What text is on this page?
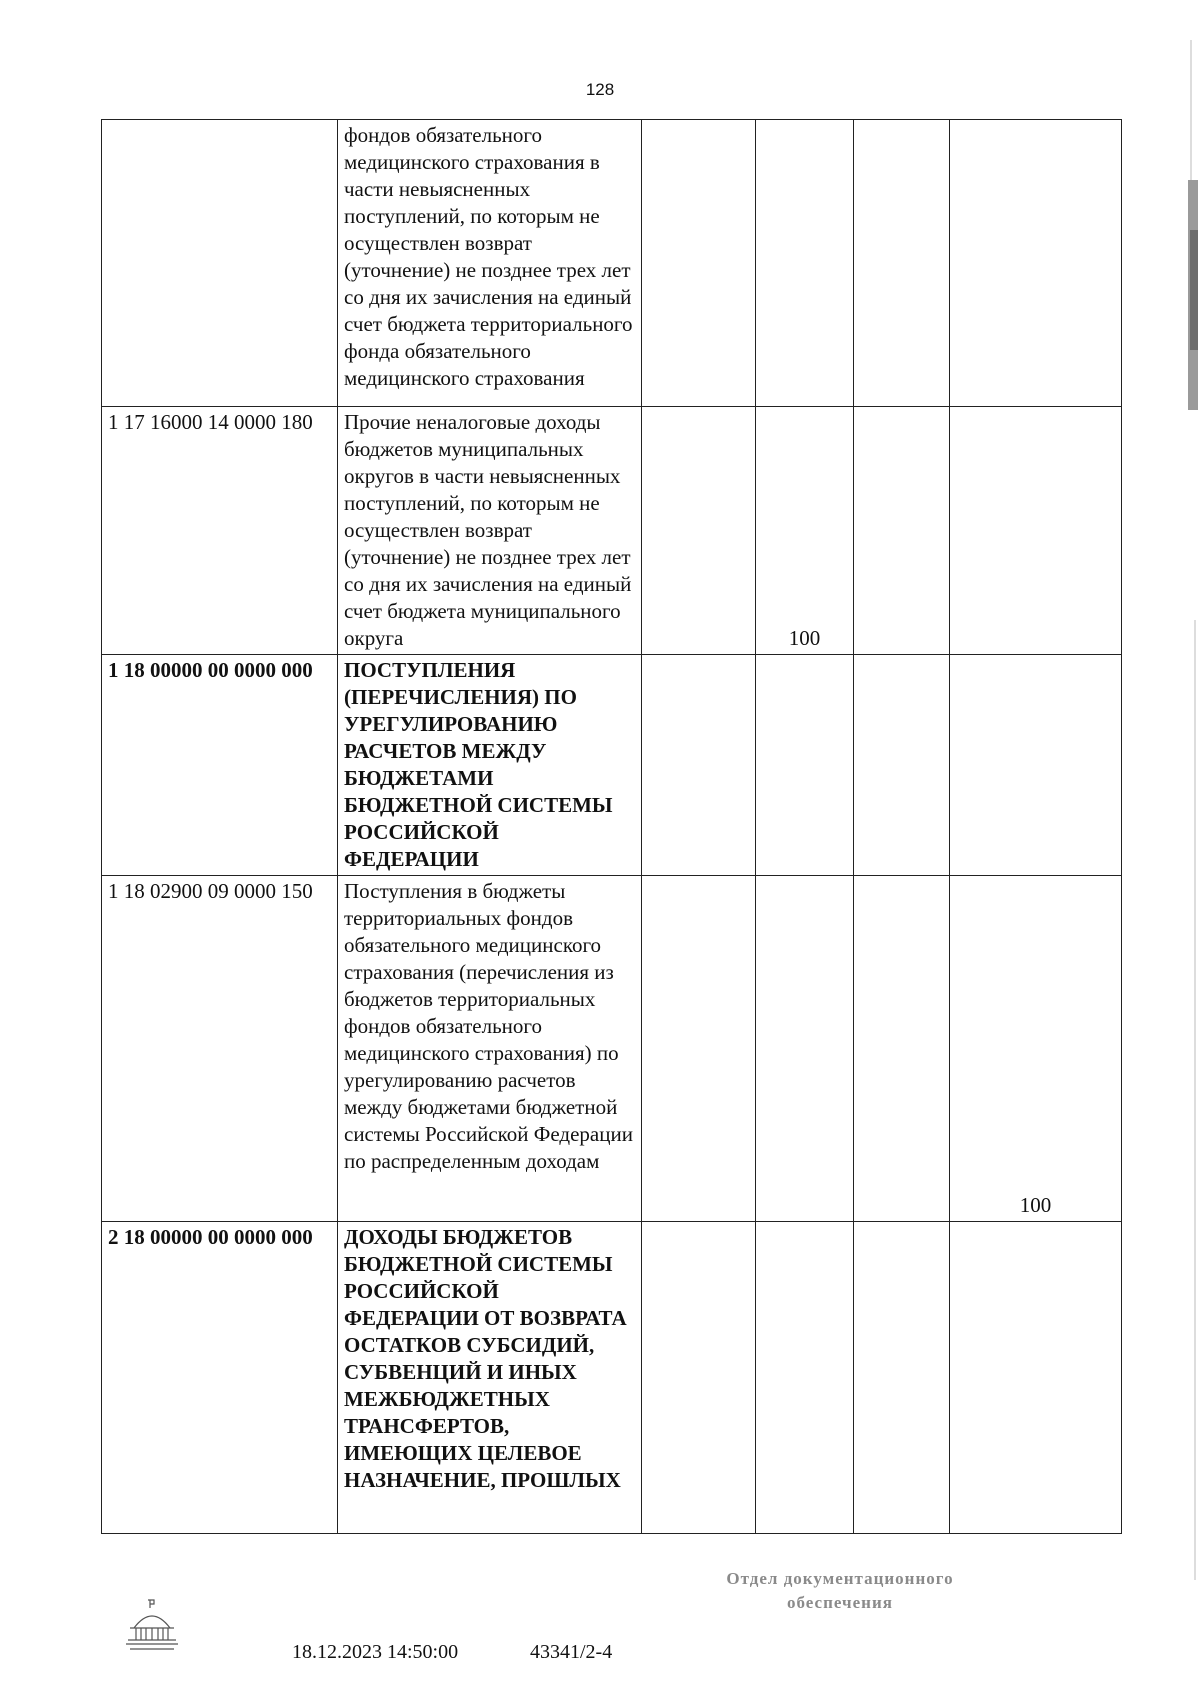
128
	фондов обязательного медицинского страхования в части невыясненных поступлений, по которым не осуществлен возврат (уточнение) не позднее трех лет со дня их зачисления на единый счет бюджета территориального фонда обязательного медицинского страхования				
1 17 16000 14 0000 180	Прочие неналоговые доходы бюджетов муниципальных округов в части невыясненных поступлений, по которым не осуществлен возврат (уточнение) не позднее трех лет со дня их зачисления на единый счет бюджета муниципального округа		100		
1 18 00000 00 0000 000	ПОСТУПЛЕНИЯ (ПЕРЕЧИСЛЕНИЯ) ПО УРЕГУЛИРОВАНИЮ РАСЧЕТОВ МЕЖДУ БЮДЖЕТАМИ БЮДЖЕТНОЙ СИСТЕМЫ РОССИЙСКОЙ ФЕДЕРАЦИИ				
1 18 02900 09 0000 150	Поступления в бюджеты территориальных фондов обязательного медицинского страхования (перечисления из бюджетов территориальных фондов обязательного медицинского страхования) по урегулированию расчетов между бюджетами бюджетной системы Российской Федерации по распределенным доходам				100
2 18 00000 00 0000 000	ДОХОДЫ БЮДЖЕТОВ БЮДЖЕТНОЙ СИСТЕМЫ РОССИЙСКОЙ ФЕДЕРАЦИИ ОТ ВОЗВРАТА ОСТАТКОВ СУБСИДИЙ, СУБВЕНЦИЙ И ИНЫХ МЕЖБЮДЖЕТНЫХ ТРАНСФЕРТОВ, ИМЕЮЩИХ ЦЕЛЕВОЕ НАЗНАЧЕНИЕ, ПРОШЛЫХ				
18.12.2023 14:50:00	43341/2-4
Отдел документационного
обеспечения
